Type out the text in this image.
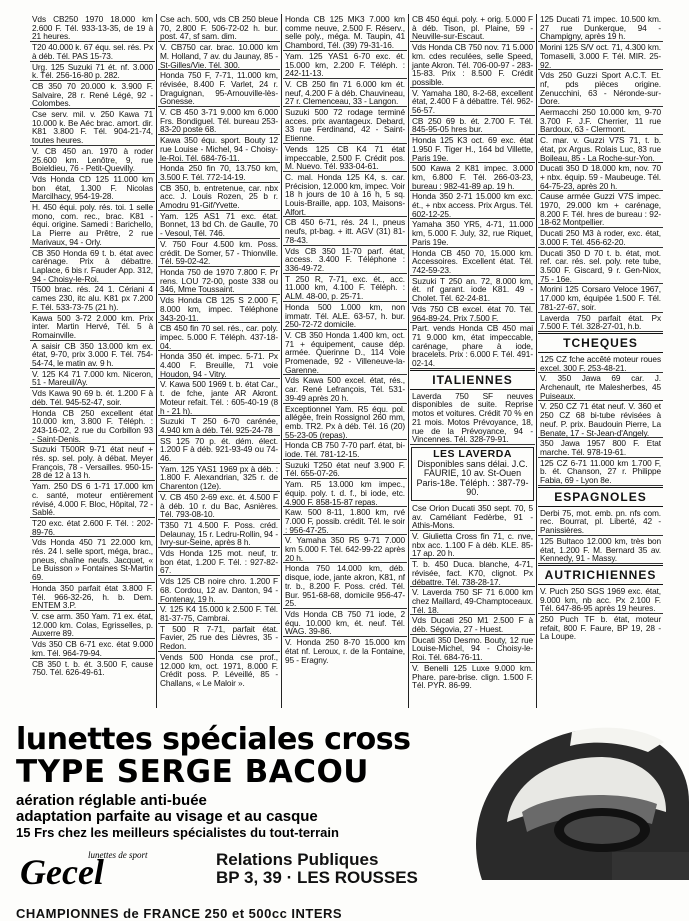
Vds CB250 1970 18.000 km 2.600 F. Tél. 933-13-35, de 19 à 21 heures.
T20 40.000 k. 67 équ. sel. rés. Px à déb. Tél. PAS 15-73.
Urg. 125 Suzuki 71 ét. nf. 3.000 k. Tél. 256-16-80 p. 282.
CB 350 70 20.000 k. 3.900 F. Salvaire, 28 r. René Légé, 92 - Colombes.
Cse serv. mil. v. 250 Kawa 71 10.000 k. Be Aéc brac. amort. dir. K81 3.800 F. Tél. 904-21-74, toutes heures.
V. CB 450 an. 1970 à roder 25.600 km. Lenôtre, 9, rue Boieldieu, 76 - Petit-Quevilly.
Vds Honda CD 125 11.000 km bon état, 1.300 F. Nicolas Marcilhacy, 954-19-28.
H. 450 équi. poly. rés. toi. 1 selle mono, com. rec., brac. K81 - équi. origine. Samedi : Barichello, La Pierre au Prêtre, 2 rue Marivaux, 94 - Orly.
CB 350 Honda 69 t. b. état avec carénage. Prix à débattre. Laplace, 6 bis r. Fauder App. 312, 94 - Choisy-le-Roi.
T500 brac. rés. 24 1. Cériani 4 cames 230, itc alu. K81 px 7.200 F. Tél. 533-73-75 (21 h).
Kawa 500 3-72 2.000 km. Prix inter. Martin Hervé, Tél. 5 à Romainville.
A saisir CB 350 13.000 km ex. état, 9-70, prix 3.000 F. Tél. 754-54-74, le matin av. 9 h.
V. 125 K4 71 7.000 km. Niceron, 51 - Mareuil/Ay.
Vds Kawa 90 69 b. ét. 1.200 F à déb. Tél. 945-52-47, soir.
Honda CB 250 excellent état 10.000 km, 3.800 F. Téléph. : 243-16-02, 2 rue du Corbillon 93 - Saint-Denis.
Suzuki T500R 9-71 état neuf + rés. sp. sel. poly. à débat. Meyer François, 78 - Versailles. 950-15-28 de 12 à 13 h.
Yam. 250 DS 6 1-71 17.000 km c. santé, moteur entièrement révisé, 4.000 F. Bloc, Hôpital, 72 - Sablé.
T20 exc. état 2.600 F. Tél. : 202-89-76.
Vds Honda 450 71 22.000 km, rés. 24 l. selle sport, méga, brac., pneus, chaîne neufs. Jacquet, « Le Buisson » Fontaines St-Martin 69.
Honda 350 parfait état 3.800 F. Tél. 966-32-26, h. b. Dem. ENTEM 3.P.
V. cse arm. 350 Yam. 71 ex. état, 12.000 km. Colas, Egrisselles, p. Auxerre 89.
Vds 350 CB 6-71 exc. état 9.000 km. Tél. 964-79-94.
CB 350 t. b. ét. 3.500 F, cause 750. Tél. 626-49-61.
Cse ach. 500, vds CB 250 bleue 70, 2.800 F. 506-72-02 h. bur. post. 47, sf sam. dim.
V. CB750 car. brac. 10.000 km M. Holland, 7 av. du Jaunay, 85 - St-Gilles/Vie. Tél. 300.
Honda 750 F, 7-71, 11.000 km, révisée, 8.400 F. Varlet, 24 r. Draguignan, 95-Arnouville-lès-Gonesse.
V. CB 450 3-71 9.000 km 6.000 Frs. Bondiguel. Tél. bureau 253-83-20 poste 68.
Kawa 350 équ. sport. Bouty 12 rue Louise - Michel, 94 - Choisy-le-Roi. Tél. 684-76-11.
Honda 250 fin 70, 13.750 km, 3.500 F. Tél. 772-14-19.
CB 350, b. entretenue, car. nbx acc. J. Louis Rozen, 25 b r. Amodru 91-Gif/Yvette.
Yam. 125 AS1 71 exc. état. Bonnet, 13 bd Ch. de Gaulle, 70 - Vesoul, Tél. 746.
V. 750 Four 4.500 km. Poss. crédit. De Somer, 57 - Thionville. Tél. 59-02-42.
Honda 750 de 1970 7.800 F. Pr rens. LOU 72-00, poste 338 ou 346, Mme Toussaint.
Vds Honda CB 125 S 2.000 F, 8.000 km, impec. Téléphone 343-20-11.
CB 450 fin 70 sel. rés., car. poly. impec. 5.000 F. Téléph. 437-18-04.
Honda 350 ét. impec. 5-71. Px 4.400 F. Breuille, 71 voie Houdon, 94 - Vitry.
V. Kawa 500 1969 t. b. état Car., t. de fche, jante AR Akront. Moteur refait. Tél. : 605-40-19 (8 h - 21 h).
Suzuki T 250 6-70 carénée, 4.940 km à déb. Tél. 925-24-78
SS 125 70 p. ét. dém. élect. 1.200 F à déb. 921-93-49 ou 74-46.
Yam. 125 YAS1 1969 px à déb. : 1.800 F. Alexandrian, 325 r. de Charenton (12e).
V. CB 450 2-69 exc. ét. 4.500 F à déb. 10 r. du Bac, Asnières. Tél. 793-08-10.
T350 71 4.500 F. Poss. créd. Delaunay, 15 r. Ledru-Rollin, 94 - Ivry-sur-Seine, après 8 h.
Vds Honda 125 mot. neuf, tr. bon état, 1.200 F. Tél. : 927-82-67.
Vds 125 CB noire chro. 1.200 F 68. Cordou, 12 av. Danton, 94 - Fontenay, 19 h.
V. 125 K4 15.000 k 2.500 F. Tél. 81-37-75, Cambrai.
T 500 R 7-71, parfait état. Favier, 25 rue des Lièvres, 35 - Redon.
Vends 500 Honda cse prof., 12.000 km, oct. 1971, 8.000 F. Crédit poss. P. Léveillé, 85 - Challans, « Le Maloir ».
Honda CB 125 MK3 7.000 km comme neuve, 2.500 F. Réserv., selle poly., méga. M. Taupin, 41 Chambord, Tél. (39) 79-31-16.
Yam. 125 YAS1 6-70 exc. ét. 15.000 km, 2.200 F. Téléph. : 242-11-13.
V. CB 250 fin 71 6.000 km ét. neuf, 4.200 F à déb. Chauvineau, 27 r. Clemenceau, 33 - Langon.
Suzuki 500 72 rodage terminé acces. prix avantageux. Debard, 33 rue Ferdinand, 42 - Saint-Etienne.
Vends 125 CB K4 71 état impeccable, 2.500 F. Crédit pos. M. Nuevo. Tél. 933-04-61.
C. mal. Honda 125 K4, s. car. Précision, 12.000 km, impec. Voir 18 h jours de 10 à 16 h, 5 sq. Louis-Braille, app. 103, Maisons-Alfort.
CB 450 6-71, rés. 24 l., pneus neufs, pt-bag. + itt. AGV (31) 81-78-43.
Vds CB 350 11-70 parf. état, access. 3.400 F. Téléphone : 336-49-72.
T 250 R, 7-71, exc. ét., acc. 11.000 km, 4.100 F. Téléph. : ALM. 48-00, p. 25-71.
Honda 500 1.000 km, non immatr. Tél. ALE. 63-57, h. bur. 250-72-72 domicile.
V. CB 350 Honda 1.400 km, oct. 71 + équipement, cause dép. armée. Querinne D., 114 Voie Promenade, 92 - Villeneuve-la-Garenne.
Vds Kawa 500 excel. état, rés., car. René Lefrançois, Tél. 531-39-49 après 20 h.
Exceptionnel Yam. R5 équ. pol. allégée, frein Rossignol 260 mm, emb. TR2. Px à déb. Tél. 16 (20) 55-23-05 (repas).
Honda CB 750 7-70 parf. état, bi-iode. Tél. 781-12-15.
Suzuki T250 état neuf 3.900 F. Tél. 655-07-26.
Yam. R5 13.000 km impec., équip. poly. t. d. f., bi iode, etc. 4.900 F. 858-15-87 repas.
Kaw. 500 8-11, 1.800 km, rvé 7.000 F, possib. crédit. Tél. le soir : 956-47-25.
V. Yamaha 350 R5 9-71 7.000 km 5.000 F. Tél. 642-99-22 après 20 h.
Honda 750 14.000 km, déb. disque, iode, jante akron, K81, nf tr. b., 8.200 F. Poss. créd. Tél. Bur. 951-68-68, domicile 956-47-25.
Vds Honda CB 750 71 iode, 2 équ. 10.000 km, ét. neuf. Tél. WAG. 39-86.
V. Honda 250 8-70 15.000 km état nf. Leroux, r. de la Fontaine, 95 - Eragny.
CB 450 équi. poly. + orig. 5.000 F à déb. Tison, pl. Plaine, 59 - Neuville-sur-Escaut.
Vds Honda CB 750 nov. 71 5.000 km. cdes reculées, selle Speed, jante Akron. Tél. 706-00-97 - 283-15-83. Prix : 8.500 F. Crédit possible.
V. Yamaha 180, 8-2-68, excellent état, 2.400 F à débattre. Tél. 962-56-57.
CB 250 69 b. ét. 2.700 F. Tél. 845-95-05 hres bur.
Honda 125 K3 oct. 69 exc. état 1.950 F. Tiger H., 164 bd Villette, Paris 19e.
500 Kawa 2 K81 impec. 3.000 km, 6.800 F. Tél. 266-03-23, bureau : 982-41-89 ap. 19 h.
Honda 350 2-71 15.000 km exc. ét., + nbx access. Prix Argus. Tél. 602-12-25.
Yamaha 350 YR5, 4-71, 11.000 km, 5.000 F. July, 32, rue Riquet, Paris 19e.
Honda CB 450 70, 15.000 km. Accessoires. Excellent état. Tél. 742-59-23.
Suzuki T 250 an. 72, 8.000 km, ét. nf garant. iode K81. 49 - Cholet. Tél. 62-24-81.
Vds 750 CB excel. état 70. Tél. 964-89-24. Prix 7.500 F.
Part. vends Honda CB 450 mai 71 9.000 km, état impeccable, carénage, phare à iode, bracelets. Prix : 6.000 F. Tél. 491-02-14.
ITALIENNES
Laverda 750 SF neuves disponibles de suite. Reprise motos et voitures. Crédit 70 % en 21 mois. Motos Prévoyance, 18, rue de la Prévoyance, 94 - Vincennes. Tél. 328-79-91.
LES LAVERDA
Disponibles sans délai. J.C. FAURIE, 10 av. St-Ouen Paris-18e. Téléph. : 387-79-90.
Cse Orion Ducati 350 sept. 70, 5 av. Caméliant Fedèrbe, 91 - Athis-Mons.
V. Giulietta Cross fin 71, c. nve, nbx acc. 1.100 F à déb. KLE. 85-17 ap. 20 h.
T. b. 450 Duca. blanche, 4-71, révisée, fact. K70, clignot. Px débattre. Tél. 738-28-17.
V. Laverda 750 SF 71 6.000 km chez Maillard, 49-Champtoceaux. Tél. 18.
Vds Ducati 250 M1 2.500 F à déb. Ségovia, 27 - Huest.
Ducati 350 Desmo. Bouty, 12 rue Louise-Michel, 94 - Choisy-le-Roi. Tél. 684-76-11.
V. Benelli 125 Luxe 9.000 km. Phare. pare-brise. clign. 1.500 F. Tél. PYR. 86-99.
125 Ducati 71 impec. 10.500 km. 27 rue Dunkerque, 94 - Champigny, après 19 h.
Morini 125 S/V oct. 71, 4.300 km. Tomaselli, 3.000 F. Tél. MIR. 25-92.
Vds 250 Guzzi Sport A.C.T. Et. nf, pds pièces origine. Zenucchini, 63 - Néronde-sur-Dore.
Aermacchi 250 10.000 km, 9-70 3.700 F. J.F. Cherrier, 11 rue Bardoux, 63 - Clermont.
C. mar. v. Guzzi V7S 71, t. b. état, px Argus. Rolais Luc, 83 rue Boileau, 85 - La Roche-sur-Yon.
Ducati 350 D 18.000 km, nov. 70 + nbx. équip. 59 - Maubeuge. Tél. 64-75-23, après 20 h.
Cause armée Guzzi V7S impec. 1970, 29.000 km + carénage, 8.200 F. Tél. hres de bureau : 92-18-62 Montpellier.
Ducati 250 M3 à roder, exc. état, 3.000 F. Tél. 456-62-20.
Ducati 350 D 70 t. b. état, mot. ref. car. rés. sel. poly. rete tube, 3.500 F. Giscard, 9 r. Gen-Niox, 75 - 16e.
Morini 125 Corsaro Veloce 1967, 17.000 km, équipée 1.500 F. Tél. 781-27-67, soir.
Laverda 750 parfait état. Px 7.500 F. Tél. 328-27-01, h.b.
TCHEQUES
125 CZ fche accêté moteur roues excel. 300 F. 253-48-21.
V. 350 Jawa 69 car. J. Archenault, rte Malesherbes, 45 Puiseaux.
V. 250 CZ 71 état neuf. V. 360 et 250 CZ 68 bi-tube révisées à neuf. P. prix. Baudouin Pierre, La Benate, 17 - St-Jean-d'Angely.
350 Jawa 1957 800 F. Etat marche. Tél. 978-19-61.
125 CZ 6-71 11.000 km 1.700 F, b. ét. Chanson, 27 r. Philippe Fabia, 69 - Lyon 8e.
ESPAGNOLES
Derbi 75, mot. emb. pn. nfs com. rec. Bourrat, pl. Liberté, 42 - Panissières.
125 Bultaco 12.000 km, très bon état, 1.200 F. M. Bernard 35 av. Kennedy, 91 - Massy.
AUTRICHIENNES
V. Puch 250 SGS 1969 exc. état, 9.000 km, nb acc. Px 2.100 F. Tél. 647-86-95 après 19 heures.
250 Puch TF b. état, moteur refait, 800 F. Faure, BP 19, 28 - La Loupe.
lunettes spéciales cross
TYPE SERGE BACOU
aération réglable anti-buée
adaptation parfaite au visage et au casque
15 Frs chez les meilleurs spécialistes du tout-terrain
lunettes de sport
Gecel	Relations Publiques
BP 3, 39 · LES ROUSSES
CHAMPIONNES de FRANCE 250 et 500cc INTERS
